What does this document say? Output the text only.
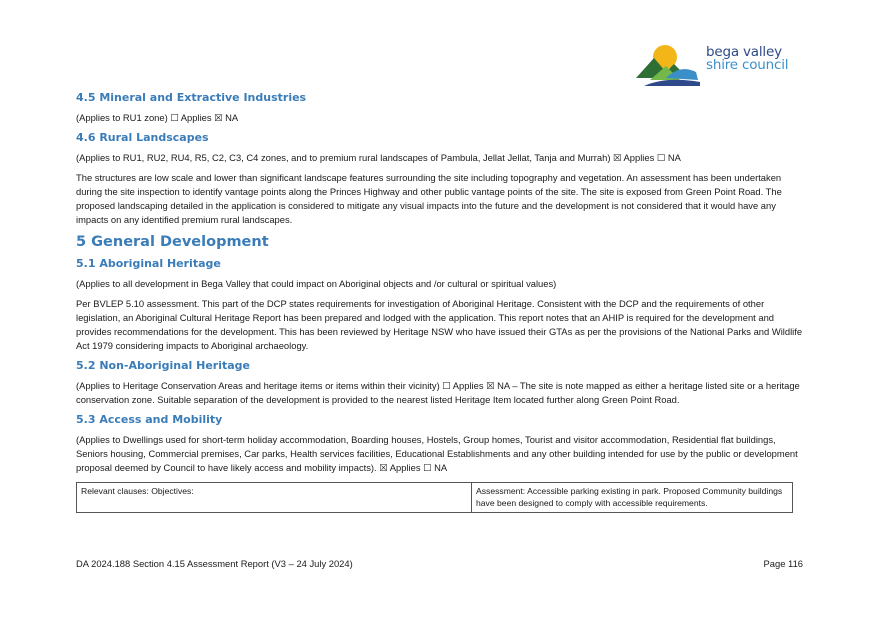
bega valley
shire council
4.5 Mineral and Extractive Industries

(Applies to RU1 zone) ☐ Applies ☒ NA

4.6 Rural Landscapes

(Applies to RU1, RU2, RU4, R5, C2, C3, C4 zones, and to premium rural landscapes of Pambula, Jellat Jellat, Tanja and Murrah) ☒ Applies ☐ NA

The structures are low scale and lower than significant landscape features surrounding the site including topography and vegetation. An assessment has been undertaken during the site inspection to identify vantage points along the Princes Highway and other public vantage points of the site. The site is exposed from Green Point Road. The proposed landscaping detailed in the application is considered to mitigate any visual impacts into the future and the development is not considered that it would have any impacts on any identified premium rural landscapes.

5 General Development
5.1 Aboriginal Heritage

(Applies to all development in Bega Valley that could impact on Aboriginal objects and /or cultural or spiritual values)

Per BVLEP 5.10 assessment. This part of the DCP states requirements for investigation of Aboriginal Heritage. Consistent with the DCP and the requirements of other legislation, an Aboriginal Cultural Heritage Report has been prepared and lodged with the application. This report notes that an AHIP is required for the development and provides recommendations for the development. This has been reviewed by Heritage NSW who have issued their GTAs as per the provisions of the National Parks and Wildlife Act 1979 considering impacts to Aboriginal archaeology.

5.2 Non-Aboriginal Heritage

(Applies to Heritage Conservation Areas and heritage items or items within their vicinity) ☐ Applies ☒ NA – The site is note mapped as either a heritage listed site or a heritage conservation zone. Suitable separation of the development is provided to the nearest listed Heritage Item located further along Green Point Road.

5.3 Access and Mobility

(Applies to Dwellings used for short-term holiday accommodation, Boarding houses, Hostels, Group homes, Tourist and visitor accommodation, Residential flat buildings, Seniors housing, Commercial premises, Car parks, Health services facilities, Educational Establishments and any other building intended for use by the public or development proposal deemed by Council to have likely access and mobility impacts). ☒ Applies ☐ NA

Relevant clauses: Objectives:	Assessment: Accessible parking existing in park. Proposed Community buildings have been designed to comply with accessible requirements.
DA 2024.188 Section 4.15 Assessment Report (V3 – 24 July 2024)	Page 116
